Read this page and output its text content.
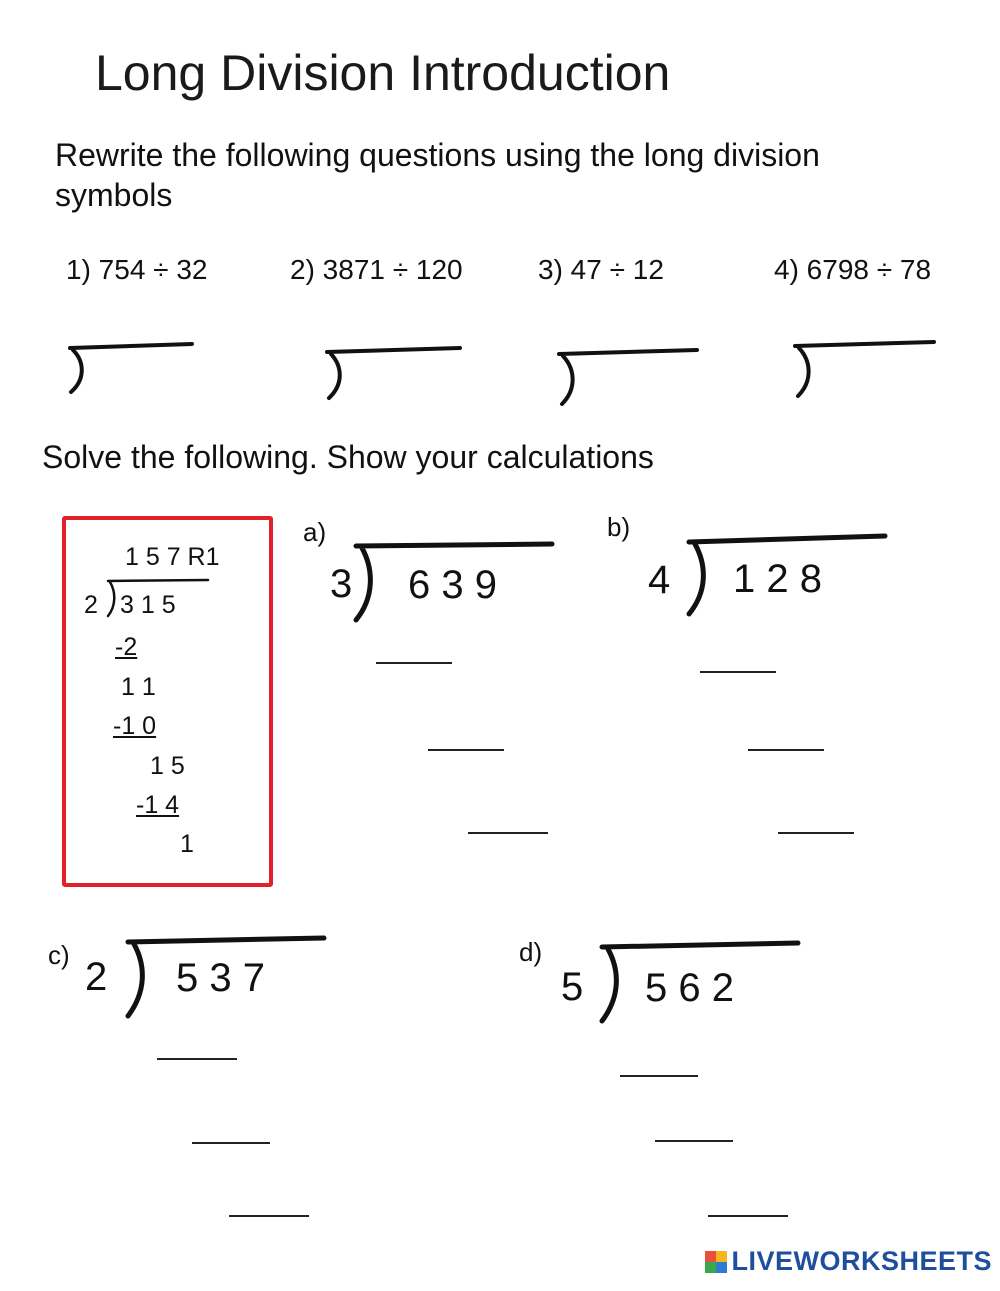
Long Division Introduction
Rewrite the following questions using the long division symbols
1) 754 ÷ 32	2) 3871 ÷ 120	3) 47 ÷ 12	4) 6798 ÷ 78
Solve the following. Show your calculations
1 5 7 R1
2 3 1 5
-2
1 1
-1 0
1 5
-1 4
1
a)
3 6 3 9
b)
4 1 2 8
c) 2 5 3 7
d)
5 5 6 2
LIVEWORKSHEETS
